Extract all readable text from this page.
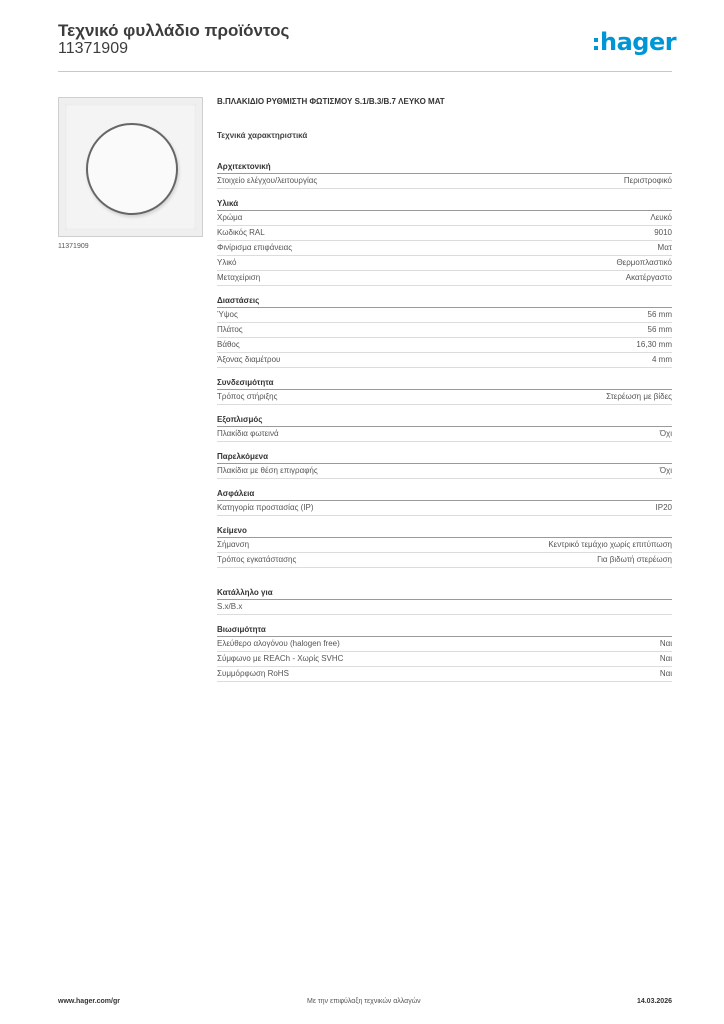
Τεχνικό φυλλάδιο προϊόντος
11371909	hager
11371909
Β.ΠΛΑΚΙΔΙΟ ΡΥΘΜΙΣΤΗ ΦΩΤΙΣΜΟΥ S.1/B.3/B.7 ΛΕΥΚΟ ΜΑΤ
Τεχνικά χαρακτηριστικά
Αρχιτεκτονική
Στοιχείο ελέγχου/λειτουργίας	Περιστροφικό
Υλικά
Χρώμα	Λευκό
Κωδικός RAL	9010
Φινίρισμα επιφάνειας	Ματ
Υλικό	Θερμοπλαστικό
Μεταχείριση	Ακατέργαστο
Διαστάσεις
Ύψος	56 mm
Πλάτος	56 mm
Βάθος	16,30 mm
Άξονας διαμέτρου	4 mm
Συνδεσιμότητα
Τρόπος στήριξης	Στερέωση με βίδες
Εξοπλισμός
Πλακίδια φωτεινά	Όχι
Παρελκόμενα
Πλακίδια με θέση επιγραφής	Όχι
Ασφάλεια
Κατηγορία προστασίας (IP)	IP20
Κείμενο
Σήμανση	Κεντρικό τεμάχιο χωρίς επιτύπωση
Τρόπος εγκατάστασης	Για βιδωτή στερέωση
Κατάλληλο για
S.x/B.x
Βιωσιμότητα
Ελεύθερο αλογόνου (halogen free)	Ναι
Σύμφωνο με REACh - Χωρίς SVHC	Ναι
Συμμόρφωση RoHS	Ναι
www.hager.com/gr	Με την επιφύλαξη τεχνικών αλλαγών	14.03.2026
